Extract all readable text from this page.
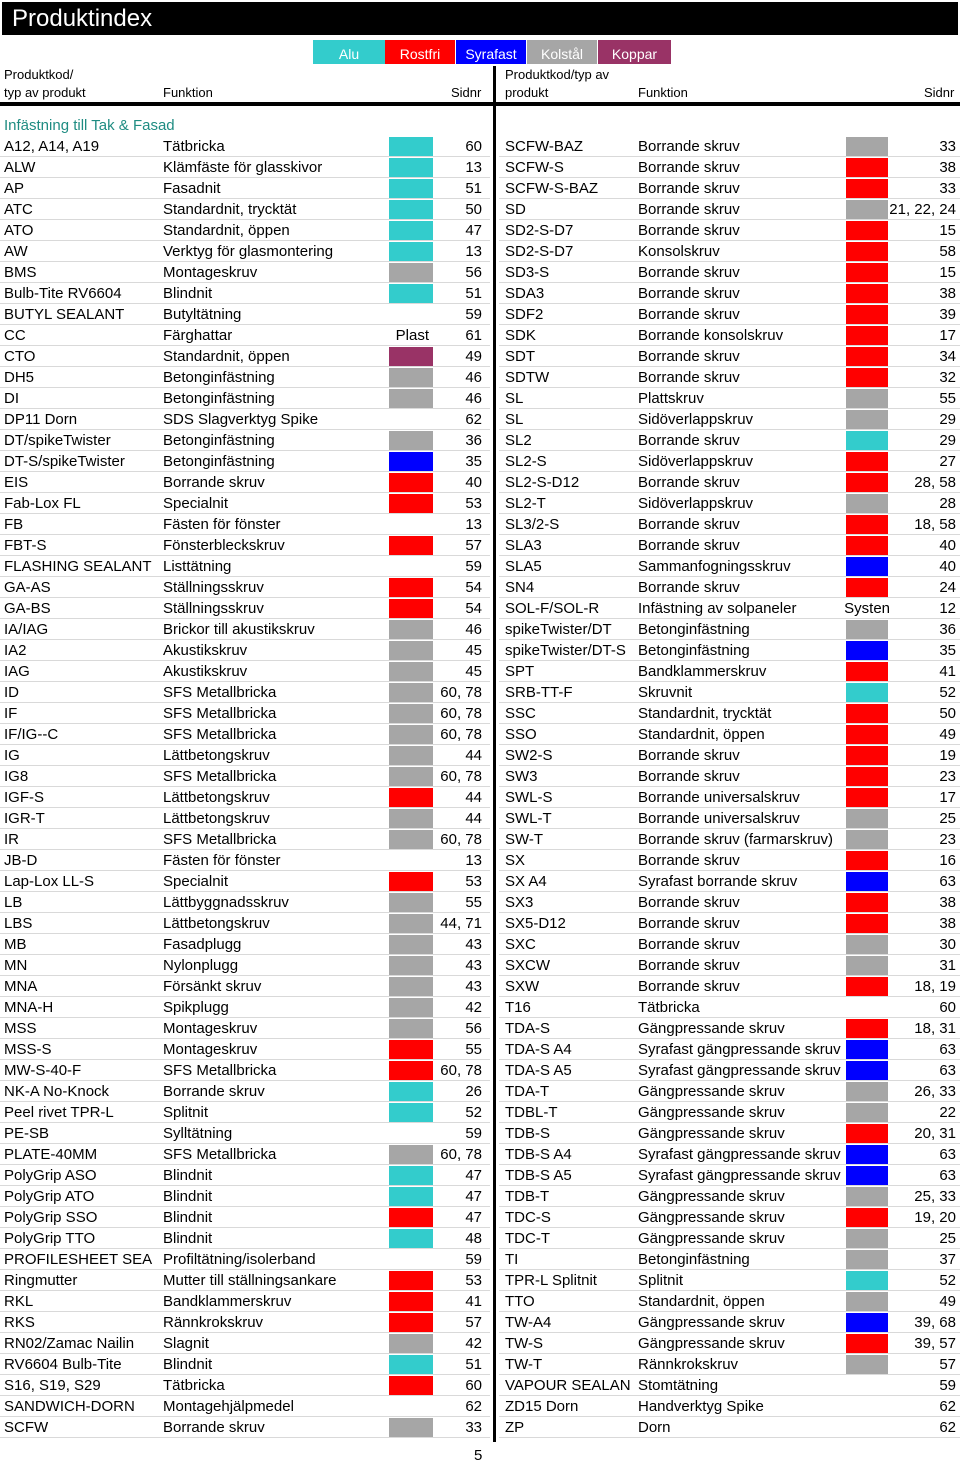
Produktindex
Produktkod/
typ av produkt	Funktion	Sidnr
Produktkod/typ av
produkt	Funktion	Sidnr
Infästning till Tak & Fasad
A12, A14, A19	Tätbricka	60
ALW	Klämfäste för glasskivor	13
AP	Fasadnit	51
ATC	Standardnit, trycktät	50
ATO	Standardnit, öppen	47
AW	Verktyg för glasmontering	13
BMS	Montageskruv	56
Bulb-Tite RV6604	Blindnit	51
BUTYL SEALANT	Butyltätning	59
CC	Färghattar	Plast	61
CTO	Standardnit, öppen	49
DH5	Betonginfästning	46
DI	Betonginfästning	46
DP11 Dorn	SDS Slagverktyg Spike	62
DT/spikeTwister	Betonginfästning	36
DT-S/spikeTwister	Betonginfästning	35
EIS	Borrande skruv	40
Fab-Lox FL	Specialnit	53
FB	Fästen för fönster	13
FBT-S	Fönsterbleckskruv	57
FLASHING SEALANT Listtätning	59
GA-AS	Ställningsskruv	54
GA-BS	Ställningsskruv	54
IA/IAG	Brickor till akustikskruv	46
IA2	Akustikskruv	45
IAG	Akustikskruv	45
ID	SFS Metallbricka	60, 78
IF	SFS Metallbricka	60, 78
IF/IG--C	SFS Metallbricka	60, 78
IG	Lättbetongskruv	44
IG8	SFS Metallbricka	60, 78
IGF-S	Lättbetongskruv	44
IGR-T	Lättbetongskruv	44
IR	SFS Metallbricka	60, 78
JB-D	Fästen för fönster	13
Lap-Lox LL-S	Specialnit	53
LB	Lättbyggnadsskruv	55
LBS	Lättbetongskruv	44, 71
MB	Fasadplugg	43
MN	Nylonplugg	43
MNA	Försänkt skruv	43
MNA-H	Spikplugg	42
MSS	Montageskruv	56
MSS-S	Montageskruv	55
MW-S-40-F	SFS Metallbricka	60, 78
NK-A No-Knock	Borrande skruv	26
Peel rivet TPR-L	Splitnit	52
PE-SB	Sylltätning	59
PLATE-40MM	SFS Metallbricka	60, 78
PolyGrip ASO	Blindnit	47
PolyGrip ATO	Blindnit	47
PolyGrip SSO	Blindnit	47
PolyGrip TTO	Blindnit	48
PROFILESHEET SEA Profiltätning/isolerband	59
Ringmutter	Mutter till ställningsankare	53
RKL	Bandklammerskruv	41
RKS	Rännkrokskruv	57
RN02/Zamac Nailin	Slagnit	42
RV6604 Bulb-Tite	Blindnit	51
S16, S19, S29	Tätbricka	60
SANDWICH-DORN	Montagehjälpmedel	62
SCFW	Borrande skruv	33
SCFW-BAZ	Borrande skruv	33
SCFW-S	Borrande skruv	38
SCFW-S-BAZ	Borrande skruv	33
SD	Borrande skruv	21, 22, 24
SD2-S-D7	Borrande skruv	15
SD2-S-D7	Konsolskruv	58
SD3-S	Borrande skruv	15
SDA3	Borrande skruv	38
SDF2	Borrande skruv	39
SDK	Borrande konsolskruv	17
SDT	Borrande skruv	34
SDTW	Borrande skruv	32
SL	Plattskruv	55
SL	Sidöverlappskruv	29
SL2	Borrande skruv	29
SL2-S	Sidöverlappskruv	27
SL2-S-D12	Borrande skruv	28, 58
SL2-T	Sidöverlappskruv	28
SL3/2-S	Borrande skruv	18, 58
SLA3	Borrande skruv	40
SLA5	Sammanfogningsskruv	40
SN4	Borrande skruv	24
SOL-F/SOL-R	Infästning av solpaneler	Systen	12
spikeTwister/DT	Betonginfästning	36
spikeTwister/DT-S Betonginfästning	35
SPT	Bandklammerskruv	41
SRB-TT-F	Skruvnit	52
SSC	Standardnit, trycktät	50
SSO	Standardnit, öppen	49
SW2-S	Borrande skruv	19
SW3	Borrande skruv	23
SWL-S	Borrande universalskruv	17
SWL-T	Borrande universalskruv	25
SW-T	Borrande skruv (farmarskruv)	23
SX	Borrande skruv	16
SX A4	Syrafast borrande skruv	63
SX3	Borrande skruv	38
SX5-D12	Borrande skruv	38
SXC	Borrande skruv	30
SXCW	Borrande skruv	31
SXW	Borrande skruv	18, 19
T16	Tätbricka	60
TDA-S	Gängpressande skruv	18, 31
TDA-S A4	Syrafast gängpressande skruv	63
TDA-S A5	Syrafast gängpressande skruv	63
TDA-T	Gängpressande skruv	26, 33
TDBL-T	Gängpressande skruv	22
TDB-S	Gängpressande skruv	20, 31
TDB-S A4	Syrafast gängpressande skruv	63
TDB-S A5	Syrafast gängpressande skruv	63
TDB-T	Gängpressande skruv	25, 33
TDC-S	Gängpressande skruv	19, 20
TDC-T	Gängpressande skruv	25
TI	Betonginfästning	37
TPR-L Splitnit	Splitnit	52
TTO	Standardnit, öppen	49
TW-A4	Gängpressande skruv	39, 68
TW-S	Gängpressande skruv	39, 57
TW-T	Rännkrokskruv	57
VAPOUR SEALAN Stomtätning	59
ZD15 Dorn	Handverktyg Spike	62
ZP	Dorn	62
5
Alu	Rostfri	Syrafast	Kolstål	Koppar
